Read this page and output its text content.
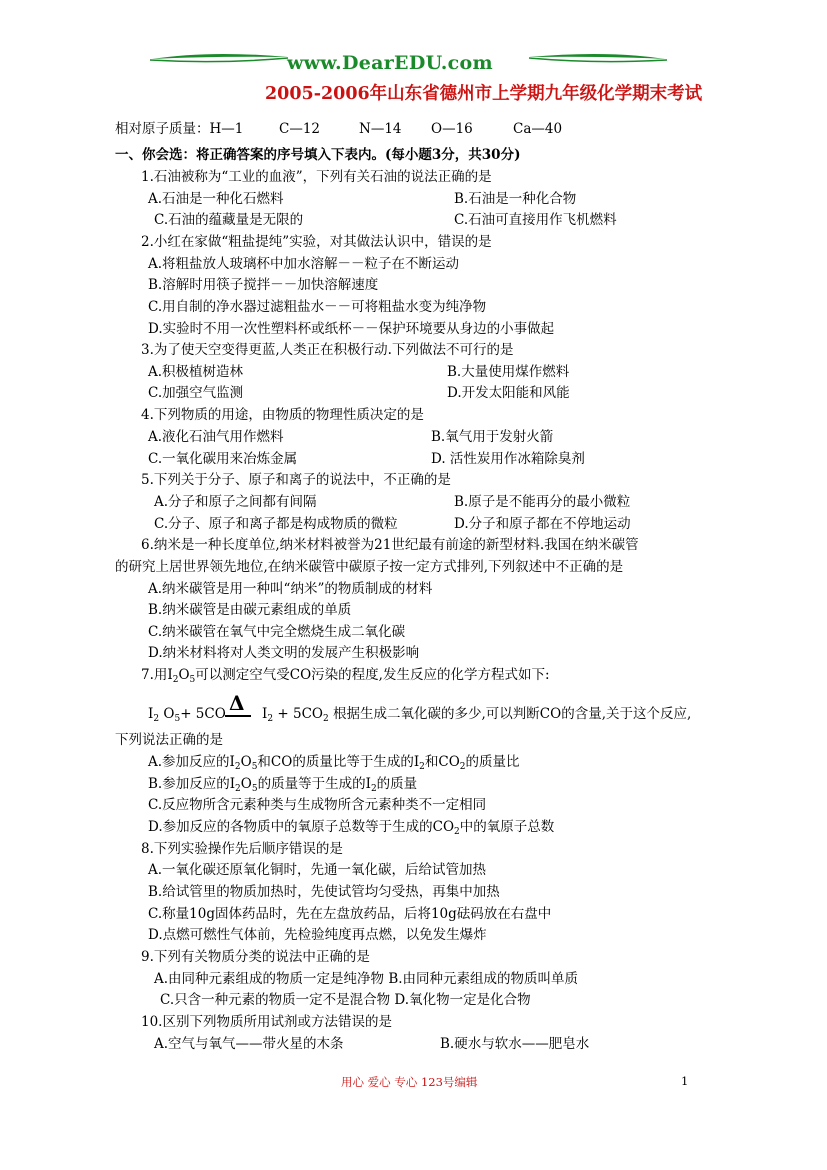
www.DearEDU.com
2005-2006年山东省德州市上学期九年级化学期末考试
相对原子质量：H—1	C—12	N—14 O—16	Ca—40
一、你会选：将正确答案的序号填入下表内。(每小题3分，共30分)
1.石油被称为“工业的血液”，下列有关石油的说法正确的是
A.石油是一种化石燃料	B.石油是一种化合物
C.石油的蕴藏量是无限的	C.石油可直接用作飞机燃料
2.小红在家做“粗盐提纯”实验，对其做法认识中，错误的是
A.将粗盐放人玻璃杯中加水溶解－－粒子在不断运动
B.溶解时用筷子搅拌－－加快溶解速度
C.用自制的净水器过滤粗盐水－－可将粗盐水变为纯净物
D.实验时不用一次性塑料杯或纸杯－－保护环境要从身边的小事做起
3.为了使天空变得更蓝,人类正在积极行动.下列做法不可行的是
A.积极植树造林	B.大量使用煤作燃料
C.加强空气监测	D.开发太阳能和风能
4.下列物质的用途，由物质的物理性质决定的是
A.液化石油气用作燃料	B.氧气用于发射火箭
C.一氧化碳用来冶炼金属	D. 活性炭用作冰箱除臭剂
5.下列关于分子、原子和离子的说法中，不正确的是
A.分子和原子之间都有间隔	B.原子是不能再分的最小微粒
C.分子、原子和离子都是构成物质的微粒	D.分子和原子都在不停地运动
6.纳米是一种长度单位,纳米材料被誉为21世纪最有前途的新型材料.我国在纳米碳管
的研究上居世界领先地位,在纳米碳管中碳原子按一定方式排列,下列叙述中不正确的是
A.纳米碳管是用一种叫“纳米”的物质制成的材料
B.纳米碳管是由碳元素组成的单质
C.纳米碳管在氧气中完全燃烧生成二氧化碳
D.纳米材料将对人类文明的发展产生积极影响
7.用$I_2O_5$可以测定空气受CO污染的程度,发生反应的化学方程式如下:
$I_2$ $O_5+ 5CO$ Δ $I_2 + 5CO_2$ 根据生成二氧化碳的多少,可以判断CO的含量,关于这个反应,
下列说法正确的是
A.参加反应的$I_2O_5$和CO的质量比等于生成的$I_2$和$CO_2$的质量比
B.参加反应的$I_2O_5$的质量等于生成的$I_2$的质量
C.反应物所含元素种类与生成物所含元素种类不一定相同
D.参加反应的各物质中的氧原子总数等于生成的$CO_2$中的氧原子总数
8.下列实验操作先后顺序错误的是
A.一氧化碳还原氧化铜时，先通一氧化碳，后给试管加热
B.给试管里的物质加热时，先使试管均匀受热，再集中加热
C.称量10g固体药品时，先在左盘放药品，后将10g砝码放在右盘中
D.点燃可燃性气体前，先检验纯度再点燃，以免发生爆炸
9.下列有关物质分类的说法中正确的是
A.由同种元素组成的物质一定是纯净物 B.由同种元素组成的物质叫单质
C.只含一种元素的物质一定不是混合物 D.氧化物一定是化合物
10.区别下列物质所用试剂或方法错误的是
A.空气与氧气——带火星的木条	B.硬水与软水——肥皂水
用心 爱心 专心 123号编辑	1
